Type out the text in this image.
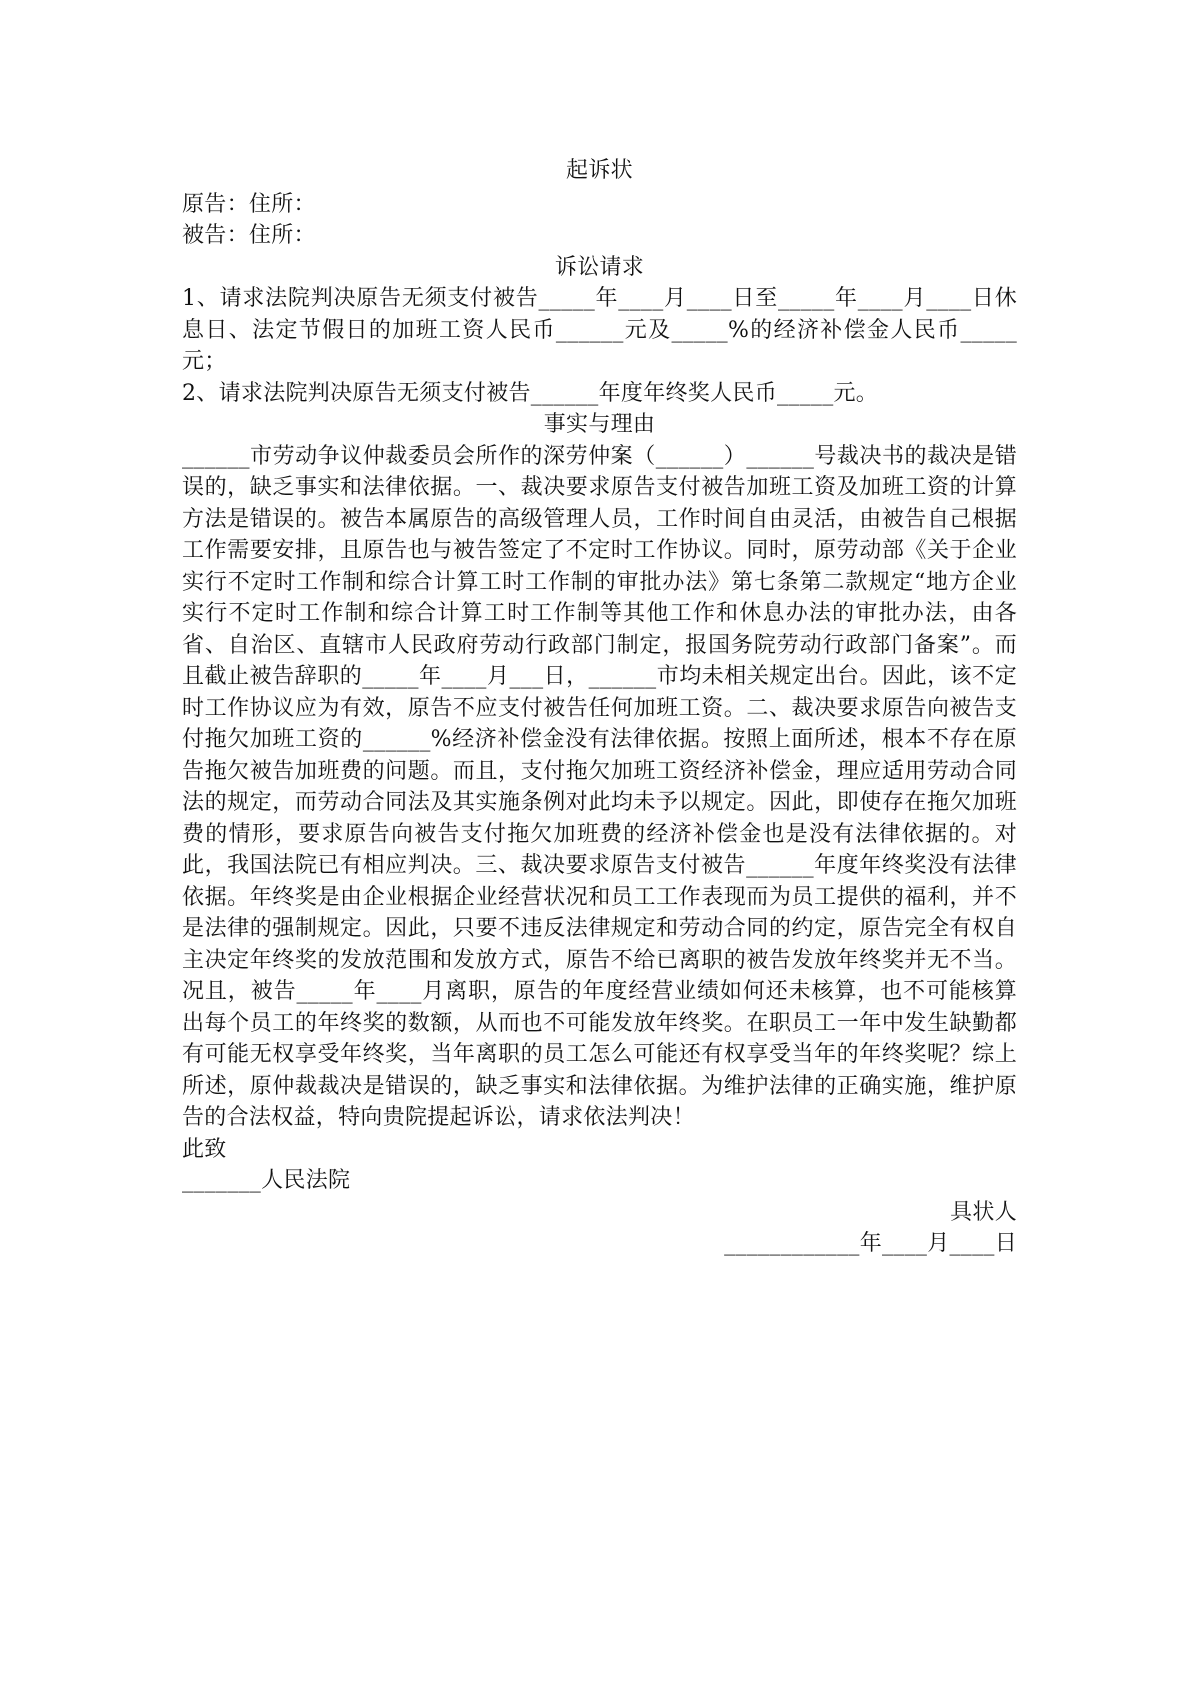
起诉状
原告：住所：
被告：住所：
诉讼请求
1、请求法院判决原告无须支付被告_____年____月____日至_____年____月____日休息日、法定节假日的加班工资人民币______元及_____%的经济补偿金人民币_____元；
2、请求法院判决原告无须支付被告______年度年终奖人民币_____元。
事实与理由
______市劳动争议仲裁委员会所作的深劳仲案（______）______号裁决书的裁决是错误的，缺乏事实和法律依据。一、裁决要求原告支付被告加班工资及加班工资的计算方法是错误的。被告本属原告的高级管理人员，工作时间自由灵活，由被告自己根据工作需要安排，且原告也与被告签定了不定时工作协议。同时，原劳动部《关于企业实行不定时工作制和综合计算工时工作制的审批办法》第七条第二款规定“地方企业实行不定时工作制和综合计算工时工作制等其他工作和休息办法的审批办法，由各省、自治区、直辖市人民政府劳动行政部门制定，报国务院劳动行政部门备案”。而且截止被告辞职的_____年____月___日，______市均未相关规定出台。因此，该不定时工作协议应为有效，原告不应支付被告任何加班工资。二、裁决要求原告向被告支付拖欠加班工资的______%经济补偿金没有法律依据。按照上面所述，根本不存在原告拖欠被告加班费的问题。而且，支付拖欠加班工资经济补偿金，理应适用劳动合同法的规定，而劳动合同法及其实施条例对此均未予以规定。因此，即使存在拖欠加班费的情形，要求原告向被告支付拖欠加班费的经济补偿金也是没有法律依据的。对此，我国法院已有相应判决。三、裁决要求原告支付被告______年度年终奖没有法律依据。年终奖是由企业根据企业经营状况和员工工作表现而为员工提供的福利，并不是法律的强制规定。因此，只要不违反法律规定和劳动合同的约定，原告完全有权自主决定年终奖的发放范围和发放方式，原告不给已离职的被告发放年终奖并无不当。况且，被告_____年____月离职，原告的年度经营业绩如何还未核算，也不可能核算出每个员工的年终奖的数额，从而也不可能发放年终奖。在职员工一年中发生缺勤都有可能无权享受年终奖，当年离职的员工怎么可能还有权享受当年的年终奖呢？综上所述，原仲裁裁决是错误的，缺乏事实和法律依据。为维护法律的正确实施，维护原告的合法权益，特向贵院提起诉讼，请求依法判决！
此致
_______人民法院
具状人
____________年____月____日
